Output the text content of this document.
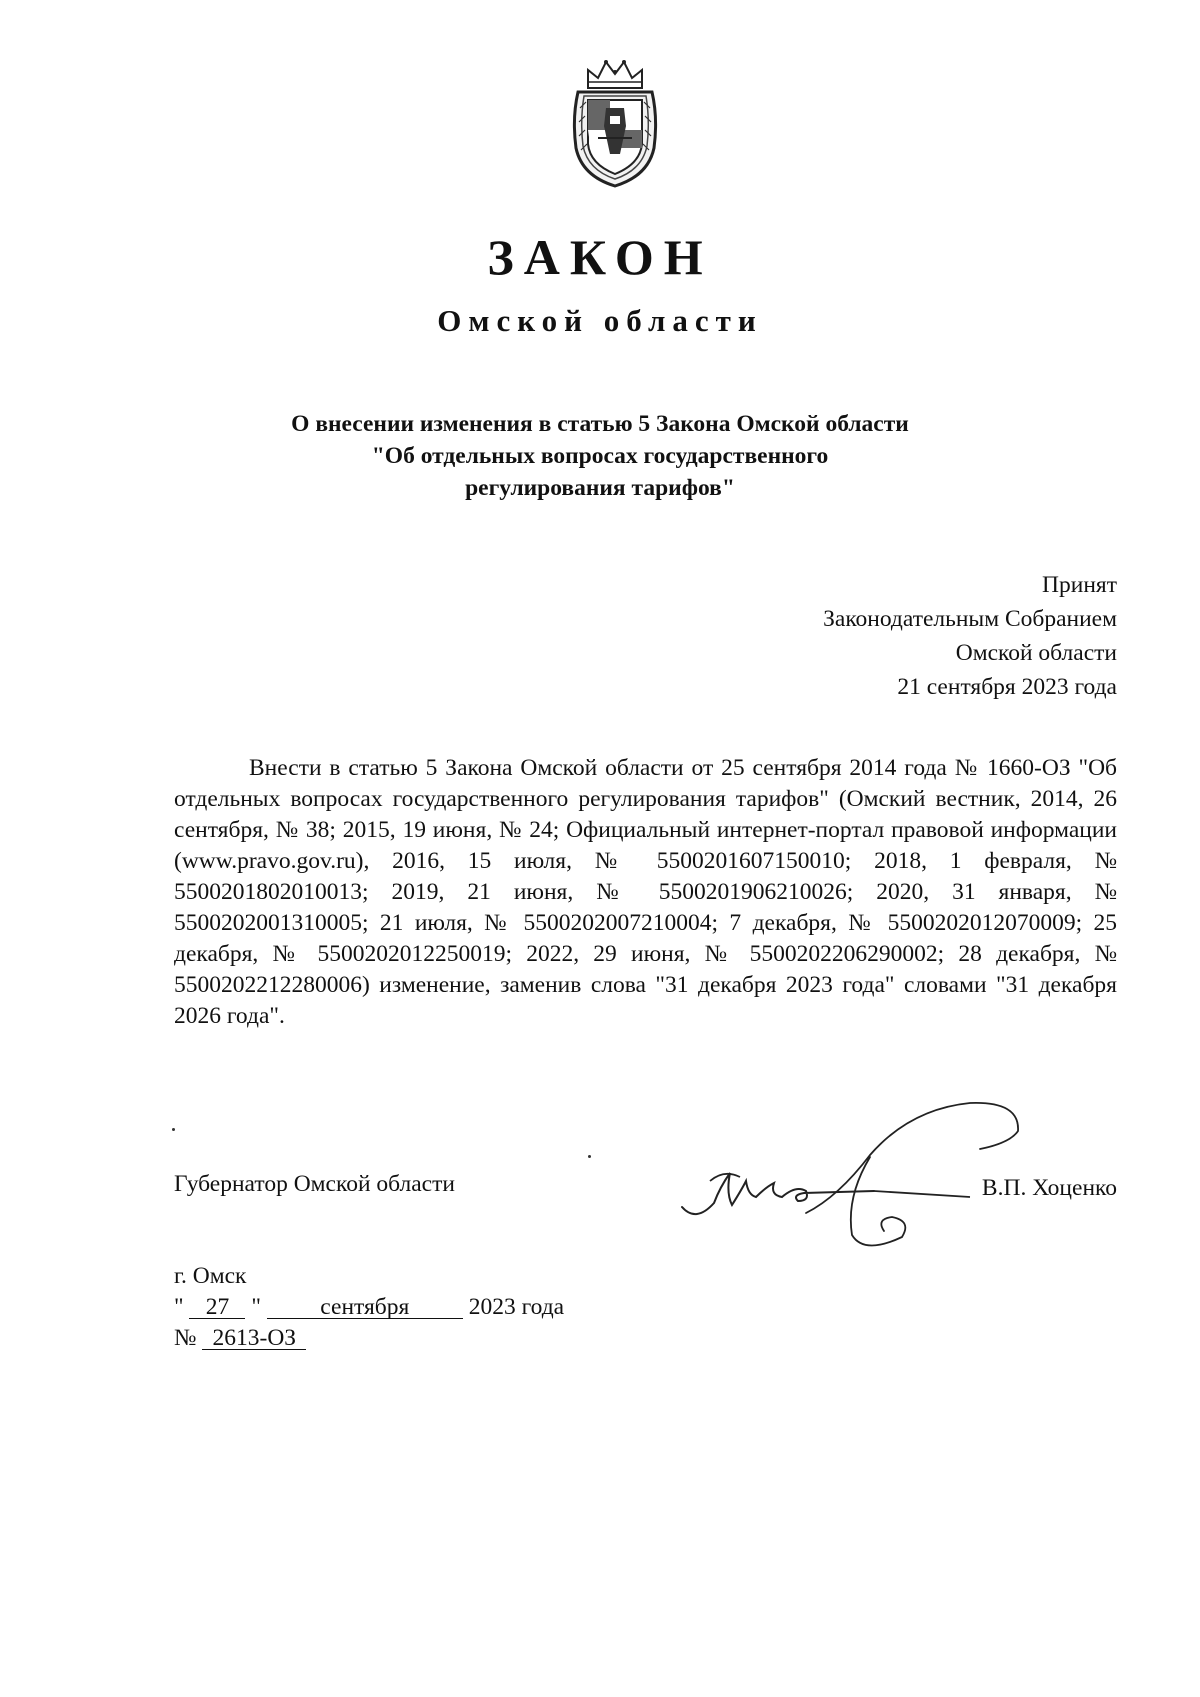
ЗАКОН
Омской области
О внесении изменения в статью 5 Закона Омской области
"Об отдельных вопросах государственного
регулирования тарифов"
Принят
Законодательным Собранием
Омской области
21 сентября 2023 года

Внести в статью 5 Закона Омской области от 25 сентября 2014 года № 1660-ОЗ "Об отдельных вопросах государственного регулирования тарифов" (Омский вестник, 2014, 26 сентября, № 38; 2015, 19 июня, № 24; Официальный интернет-портал правовой информации (www.pravo.gov.ru), 2016, 15 июля, № 5500201607150010; 2018, 1 февраля, № 5500201802010013; 2019, 21 июня, № 5500201906210026; 2020, 31 января, № 5500202001310005; 21 июля, № 5500202007210004; 7 декабря, № 5500202012070009; 25 декабря, № 5500202012250019; 2022, 29 июня, № 5500202206290002; 28 декабря, № 5500202212280006) изменение, заменив слова "31 декабря 2023 года" словами "31 декабря 2026 года".

Губернатор Омской области	В.П. Хоценко
г. Омск
" 27 "	сентября	2023 года
№ 2613-ОЗ
